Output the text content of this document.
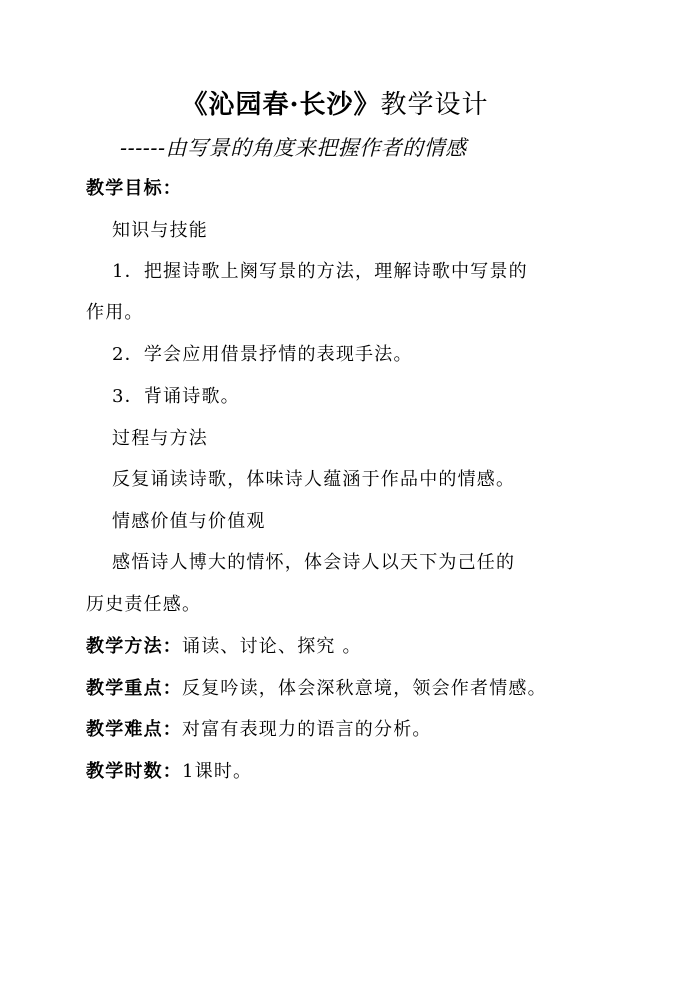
《沁园春·长沙》教学设计
------由写景的角度来把握作者的情感
教学目标：
知识与技能
1．把握诗歌上阕写景的方法，理解诗歌中写景的
作用。
2．学会应用借景抒情的表现手法。
3．背诵诗歌。
过程与方法
反复诵读诗歌，体味诗人蕴涵于作品中的情感。
情感价值与价值观
感悟诗人博大的情怀，体会诗人以天下为己任的
历史责任感。
教学方法：诵读、讨论、探究 。
教学重点：反复吟读，体会深秋意境，领会作者情感。
教学难点：对富有表现力的语言的分析。
教学时数：1课时。
